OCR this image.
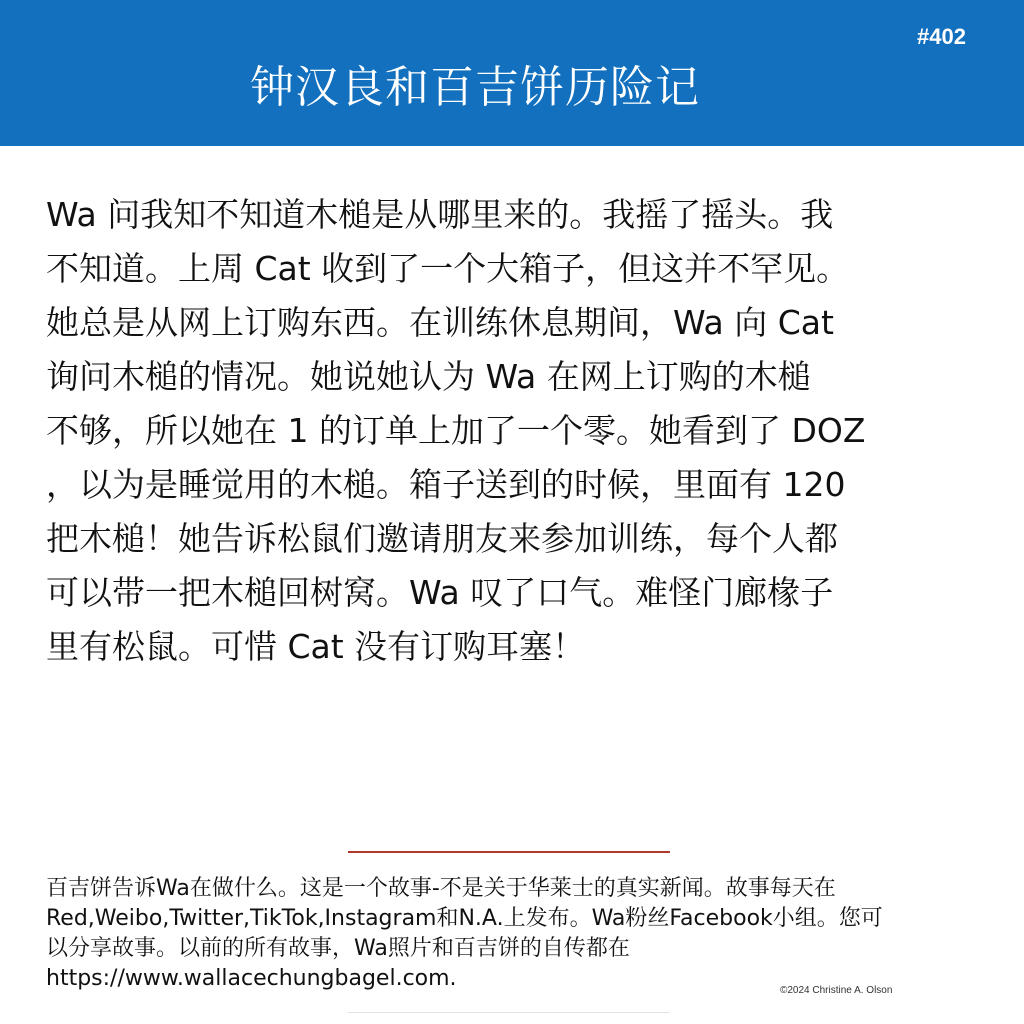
#402
钟汉良和百吉饼历险记

Wa 问我知不知道木槌是从哪里来的。我摇了摇头。我
不知道。上周 Cat 收到了一个大箱子，但这并不罕见。
她总是从网上订购东西。在训练休息期间，Wa 向 Cat
询问木槌的情况。她说她认为 Wa 在网上订购的木槌
不够，所以她在 1 的订单上加了一个零。她看到了 DOZ
，以为是睡觉用的木槌。箱子送到的时候，里面有 120
把木槌！她告诉松鼠们邀请朋友来参加训练，每个人都
可以带一把木槌回树窝。Wa 叹了口气。难怪门廊椽子
里有松鼠。可惜 Cat 没有订购耳塞！

百吉饼告诉Wa在做什么。这是一个故事-不是关于华莱士的真实新闻。故事每天在
Red,Weibo,Twitter,TikTok,Instagram和N.A.上发布。Wa粉丝Facebook小组。您可
以分享故事。以前的所有故事，Wa照片和百吉饼的自传都在
https://www.wallacechungbagel.com.	©2024 Christine A. Olson
